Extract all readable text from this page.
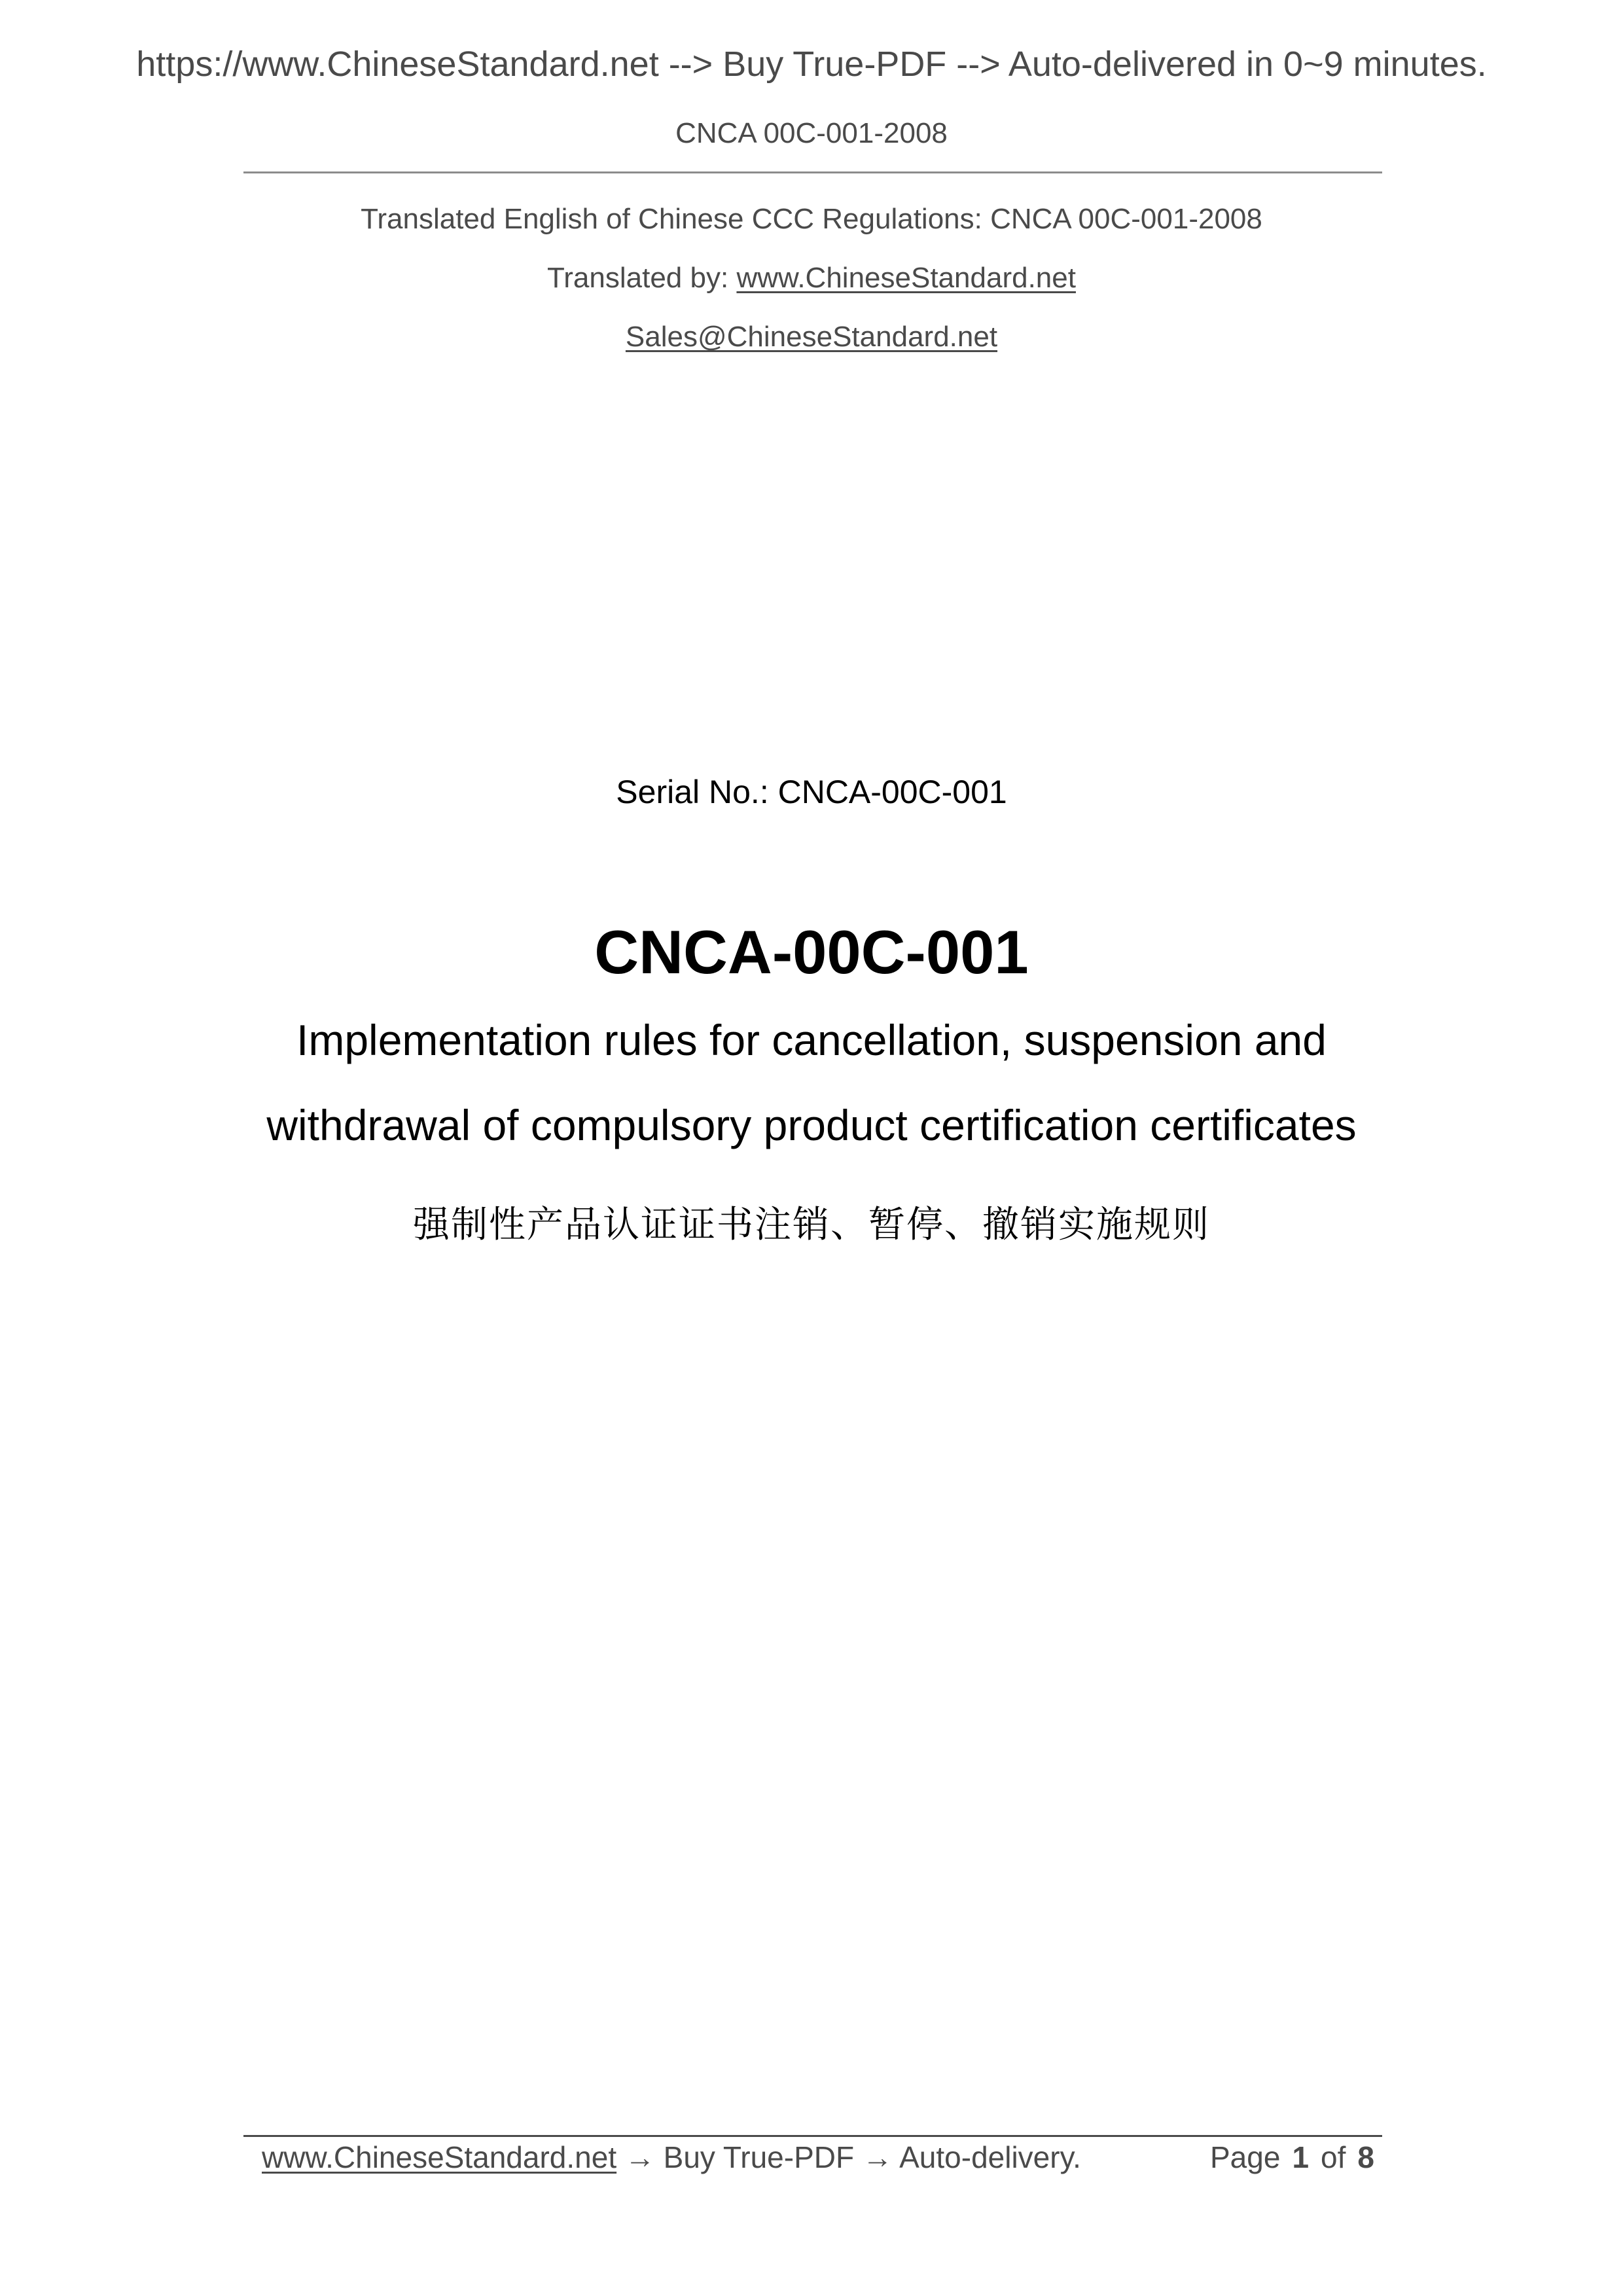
https://www.ChineseStandard.net --> Buy True-PDF --> Auto-delivered in 0~9 minutes.
CNCA 00C-001-2008
Translated English of Chinese CCC Regulations: CNCA 00C-001-2008
Translated by: www.ChineseStandard.net
Sales@ChineseStandard.net
Serial No.: CNCA-00C-001
CNCA-00C-001
Implementation rules for cancellation, suspension and
withdrawal of compulsory product certification certificates
强制性产品认证证书注销、暂停、撤销实施规则
www.ChineseStandard.net → Buy True-PDF → Auto-delivery.	Page 1 of 8
